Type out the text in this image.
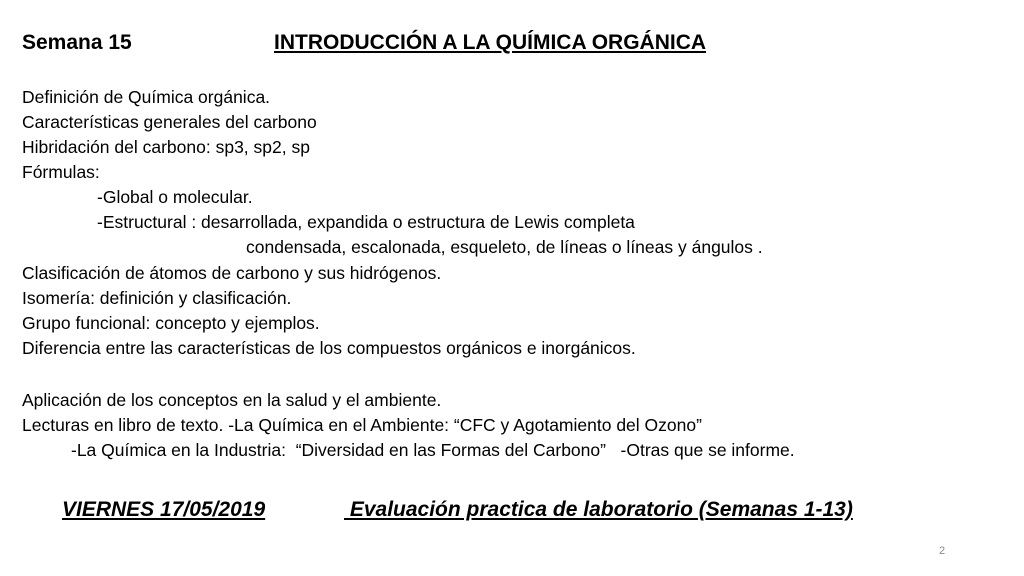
Semana 15	INTRODUCCIÓN A LA QUÍMICA ORGÁNICA
Definición de Química orgánica.
Características generales del carbono
Hibridación del carbono: sp3, sp2, sp
Fórmulas:
-Global o molecular.
-Estructural : desarrollada, expandida o estructura de Lewis completa
condensada, escalonada, esqueleto, de líneas o líneas y ángulos .
Clasificación de átomos de carbono y sus hidrógenos.
Isomería: definición y clasificación.
Grupo funcional: concepto y ejemplos.
Diferencia entre las características de los compuestos orgánicos e inorgánicos.
Aplicación de los conceptos en la salud y el ambiente.
Lecturas en libro de texto. -La Química en el Ambiente: “CFC y Agotamiento del Ozono”
-La Química en la Industria:  “Diversidad en las Formas del Carbono”   -Otras que se informe.
VIERNES 17/05/2019	Evaluación practica de laboratorio (Semanas 1-13)
2
